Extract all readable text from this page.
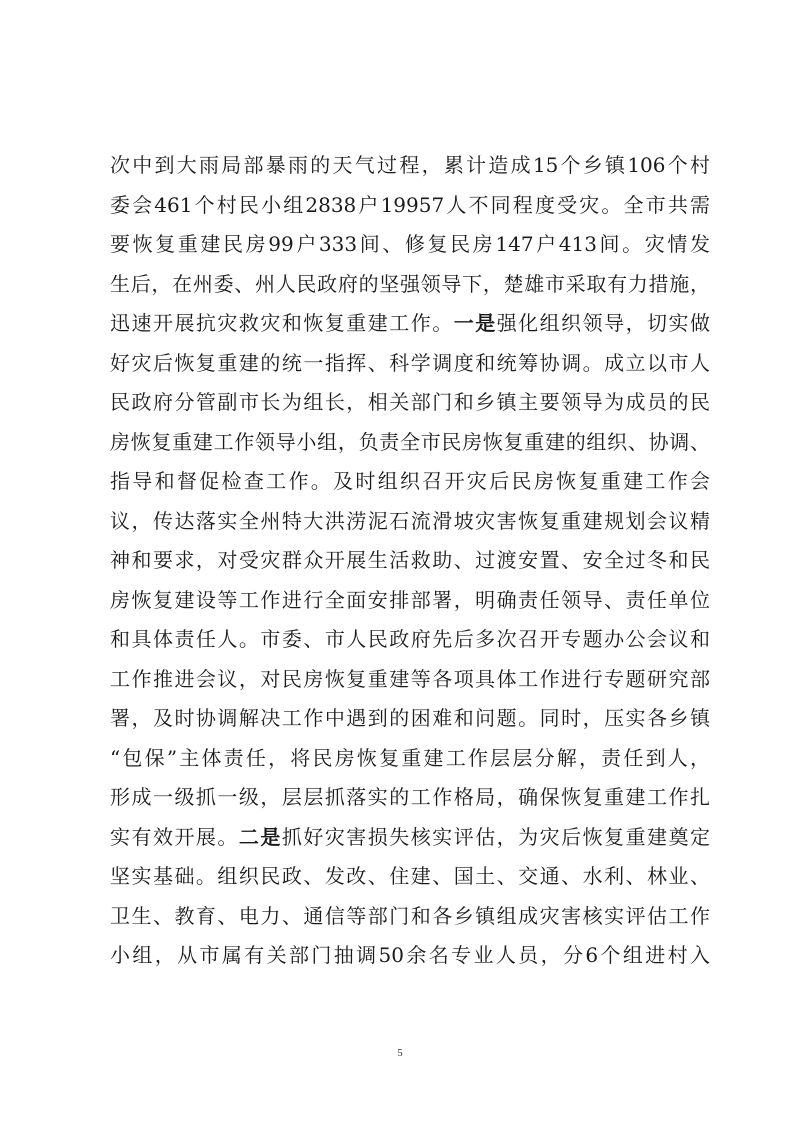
次中到大雨局部暴雨的天气过程，累计造成15个乡镇106个村
委会461个村民小组2838户19957人不同程度受灾。全市共需
要恢复重建民房99户333间、修复民房147户413间。灾情发
生后，在州委、州人民政府的坚强领导下，楚雄市采取有力措施，
迅速开展抗灾救灾和恢复重建工作。一是强化组织领导，切实做
好灾后恢复重建的统一指挥、科学调度和统筹协调。成立以市人
民政府分管副市长为组长，相关部门和乡镇主要领导为成员的民
房恢复重建工作领导小组，负责全市民房恢复重建的组织、协调、
指导和督促检查工作。及时组织召开灾后民房恢复重建工作会
议，传达落实全州特大洪涝泥石流滑坡灾害恢复重建规划会议精
神和要求，对受灾群众开展生活救助、过渡安置、安全过冬和民
房恢复建设等工作进行全面安排部署，明确责任领导、责任单位
和具体责任人。市委、市人民政府先后多次召开专题办公会议和
工作推进会议，对民房恢复重建等各项具体工作进行专题研究部
署，及时协调解决工作中遇到的困难和问题。同时，压实各乡镇
“包保”主体责任，将民房恢复重建工作层层分解，责任到人，
形成一级抓一级，层层抓落实的工作格局，确保恢复重建工作扎
实有效开展。二是抓好灾害损失核实评估，为灾后恢复重建奠定
坚实基础。组织民政、发改、住建、国土、交通、水利、林业、
卫生、教育、电力、通信等部门和各乡镇组成灾害核实评估工作
小组，从市属有关部门抽调50余名专业人员，分6个组进村入
5
